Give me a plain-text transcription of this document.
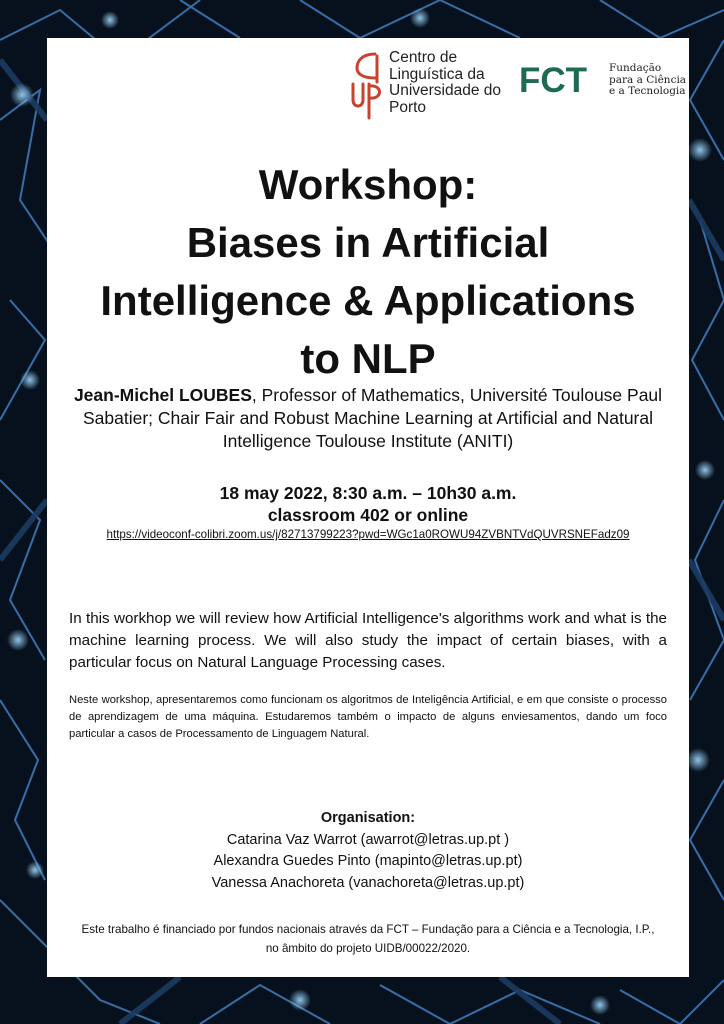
Centro de
Linguística da
Universidade do
Porto
FCT Fundação
para a Ciência
e a Tecnologia
Workshop:
Biases in Artificial
Intelligence & Applications
to NLP

Jean-Michel LOUBES, Professor of Mathematics, Université Toulouse Paul Sabatier; Chair Fair and Robust Machine Learning at Artificial and Natural Intelligence Toulouse Institute (ANITI)

18 may 2022, 8:30 a.m. – 10h30 a.m.
classroom 402 or online
https://videoconf-colibri.zoom.us/j/82713799223?pwd=WGc1a0ROWU94ZVBNTVdQUVRSNEFadz09

In this workhop we will review how Artificial Intelligence's algorithms work and what is the machine learning process. We will also study the impact of certain biases, with a particular focus on Natural Language Processing cases.

Neste workshop, apresentaremos como funcionam os algoritmos de Inteligência Artificial, e em que consiste o processo de aprendizagem de uma máquina. Estudaremos também o impacto de alguns enviesamentos, dando um foco particular a casos de Processamento de Linguagem Natural.

Organisation:
Catarina Vaz Warrot (awarrot@letras.up.pt )
Alexandra Guedes Pinto (mapinto@letras.up.pt)
Vanessa Anachoreta (vanachoreta@letras.up.pt)

Este trabalho é financiado por fundos nacionais através da FCT – Fundação para a Ciência e a Tecnologia, I.P., no âmbito do projeto UIDB/00022/2020.
